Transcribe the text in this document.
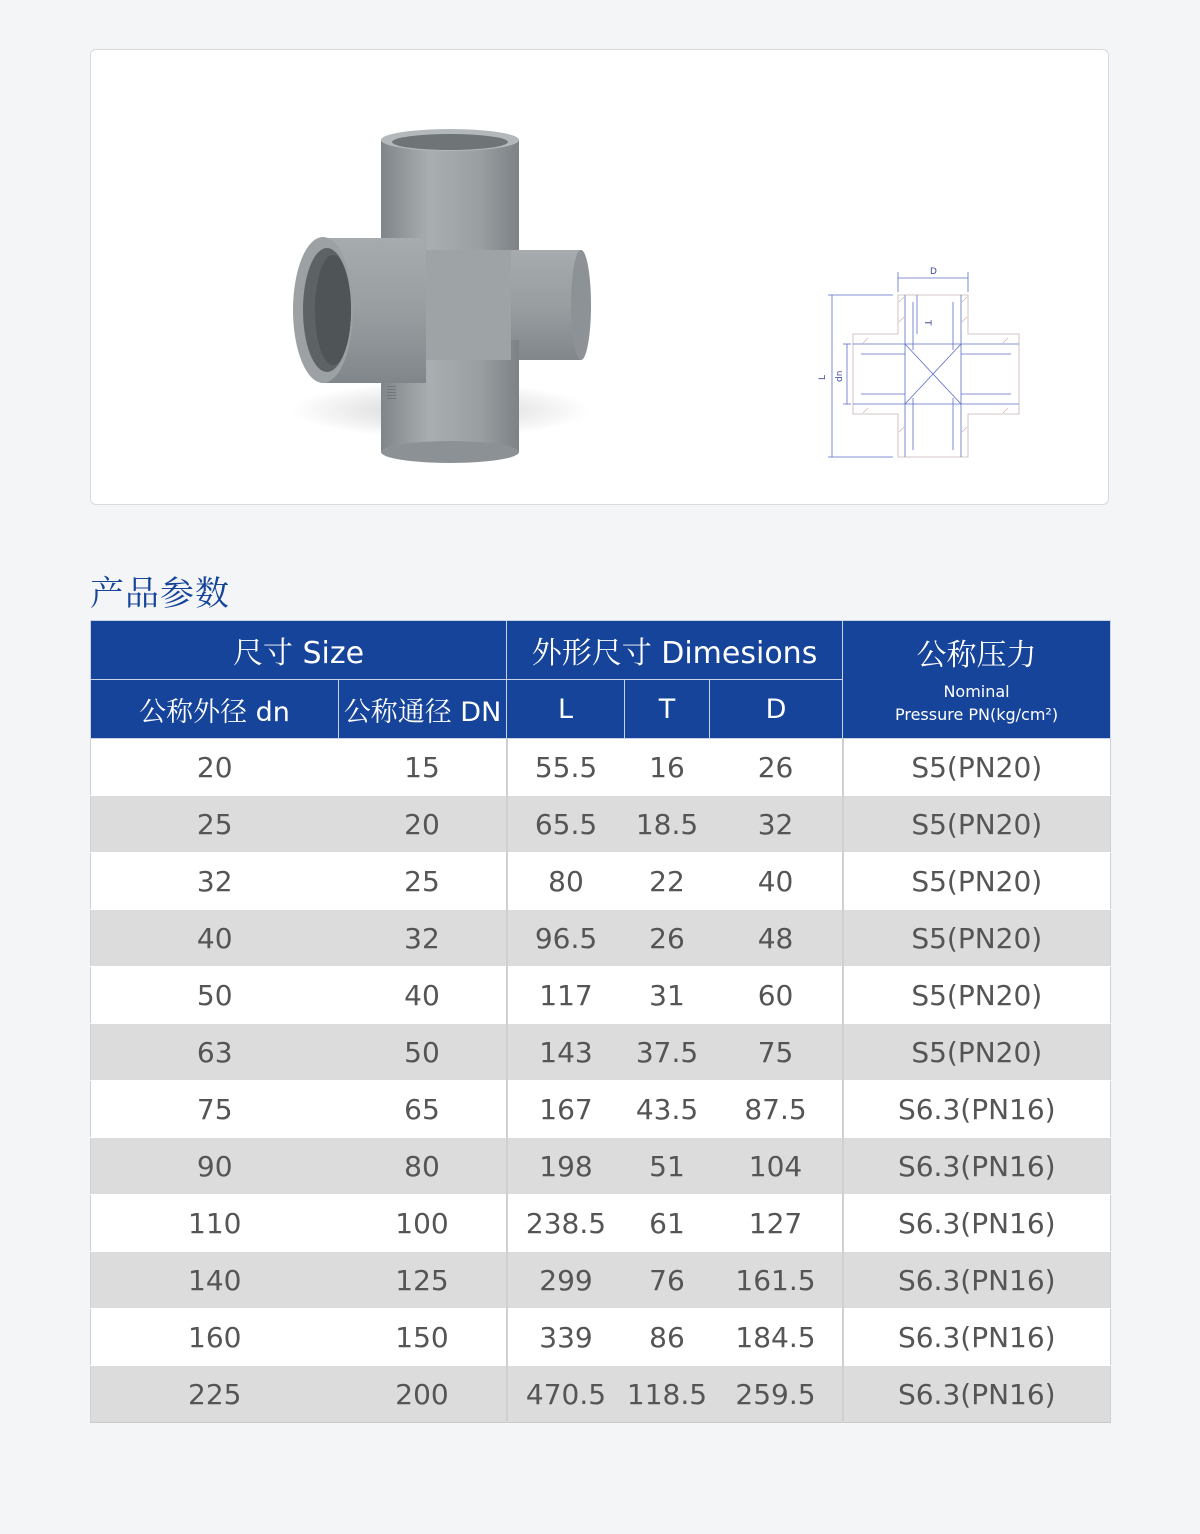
|||||
D
T
L dn
产品参数
尺寸 Size		外形尺寸 Dimesions			公称压力
Nominal
Pressure PN(kg/cm²)

公称外径 dn	公称通径 DN	L	T	D	
20	15	55.5	16	26	S5(PN20)
25	20	65.5	18.5	32	S5(PN20)
32	25	80	22	40	S5(PN20)
40	32	96.5	26	48	S5(PN20)
50	40	117	31	60	S5(PN20)
63	50	143	37.5	75	S5(PN20)
75	65	167	43.5	87.5	S6.3(PN16)
90	80	198	51	104	S6.3(PN16)
110	100	238.5	61	127	S6.3(PN16)
140	125	299	76	161.5	S6.3(PN16)
160	150	339	86	184.5	S6.3(PN16)
225	200	470.5	118.5	259.5	S6.3(PN16)
